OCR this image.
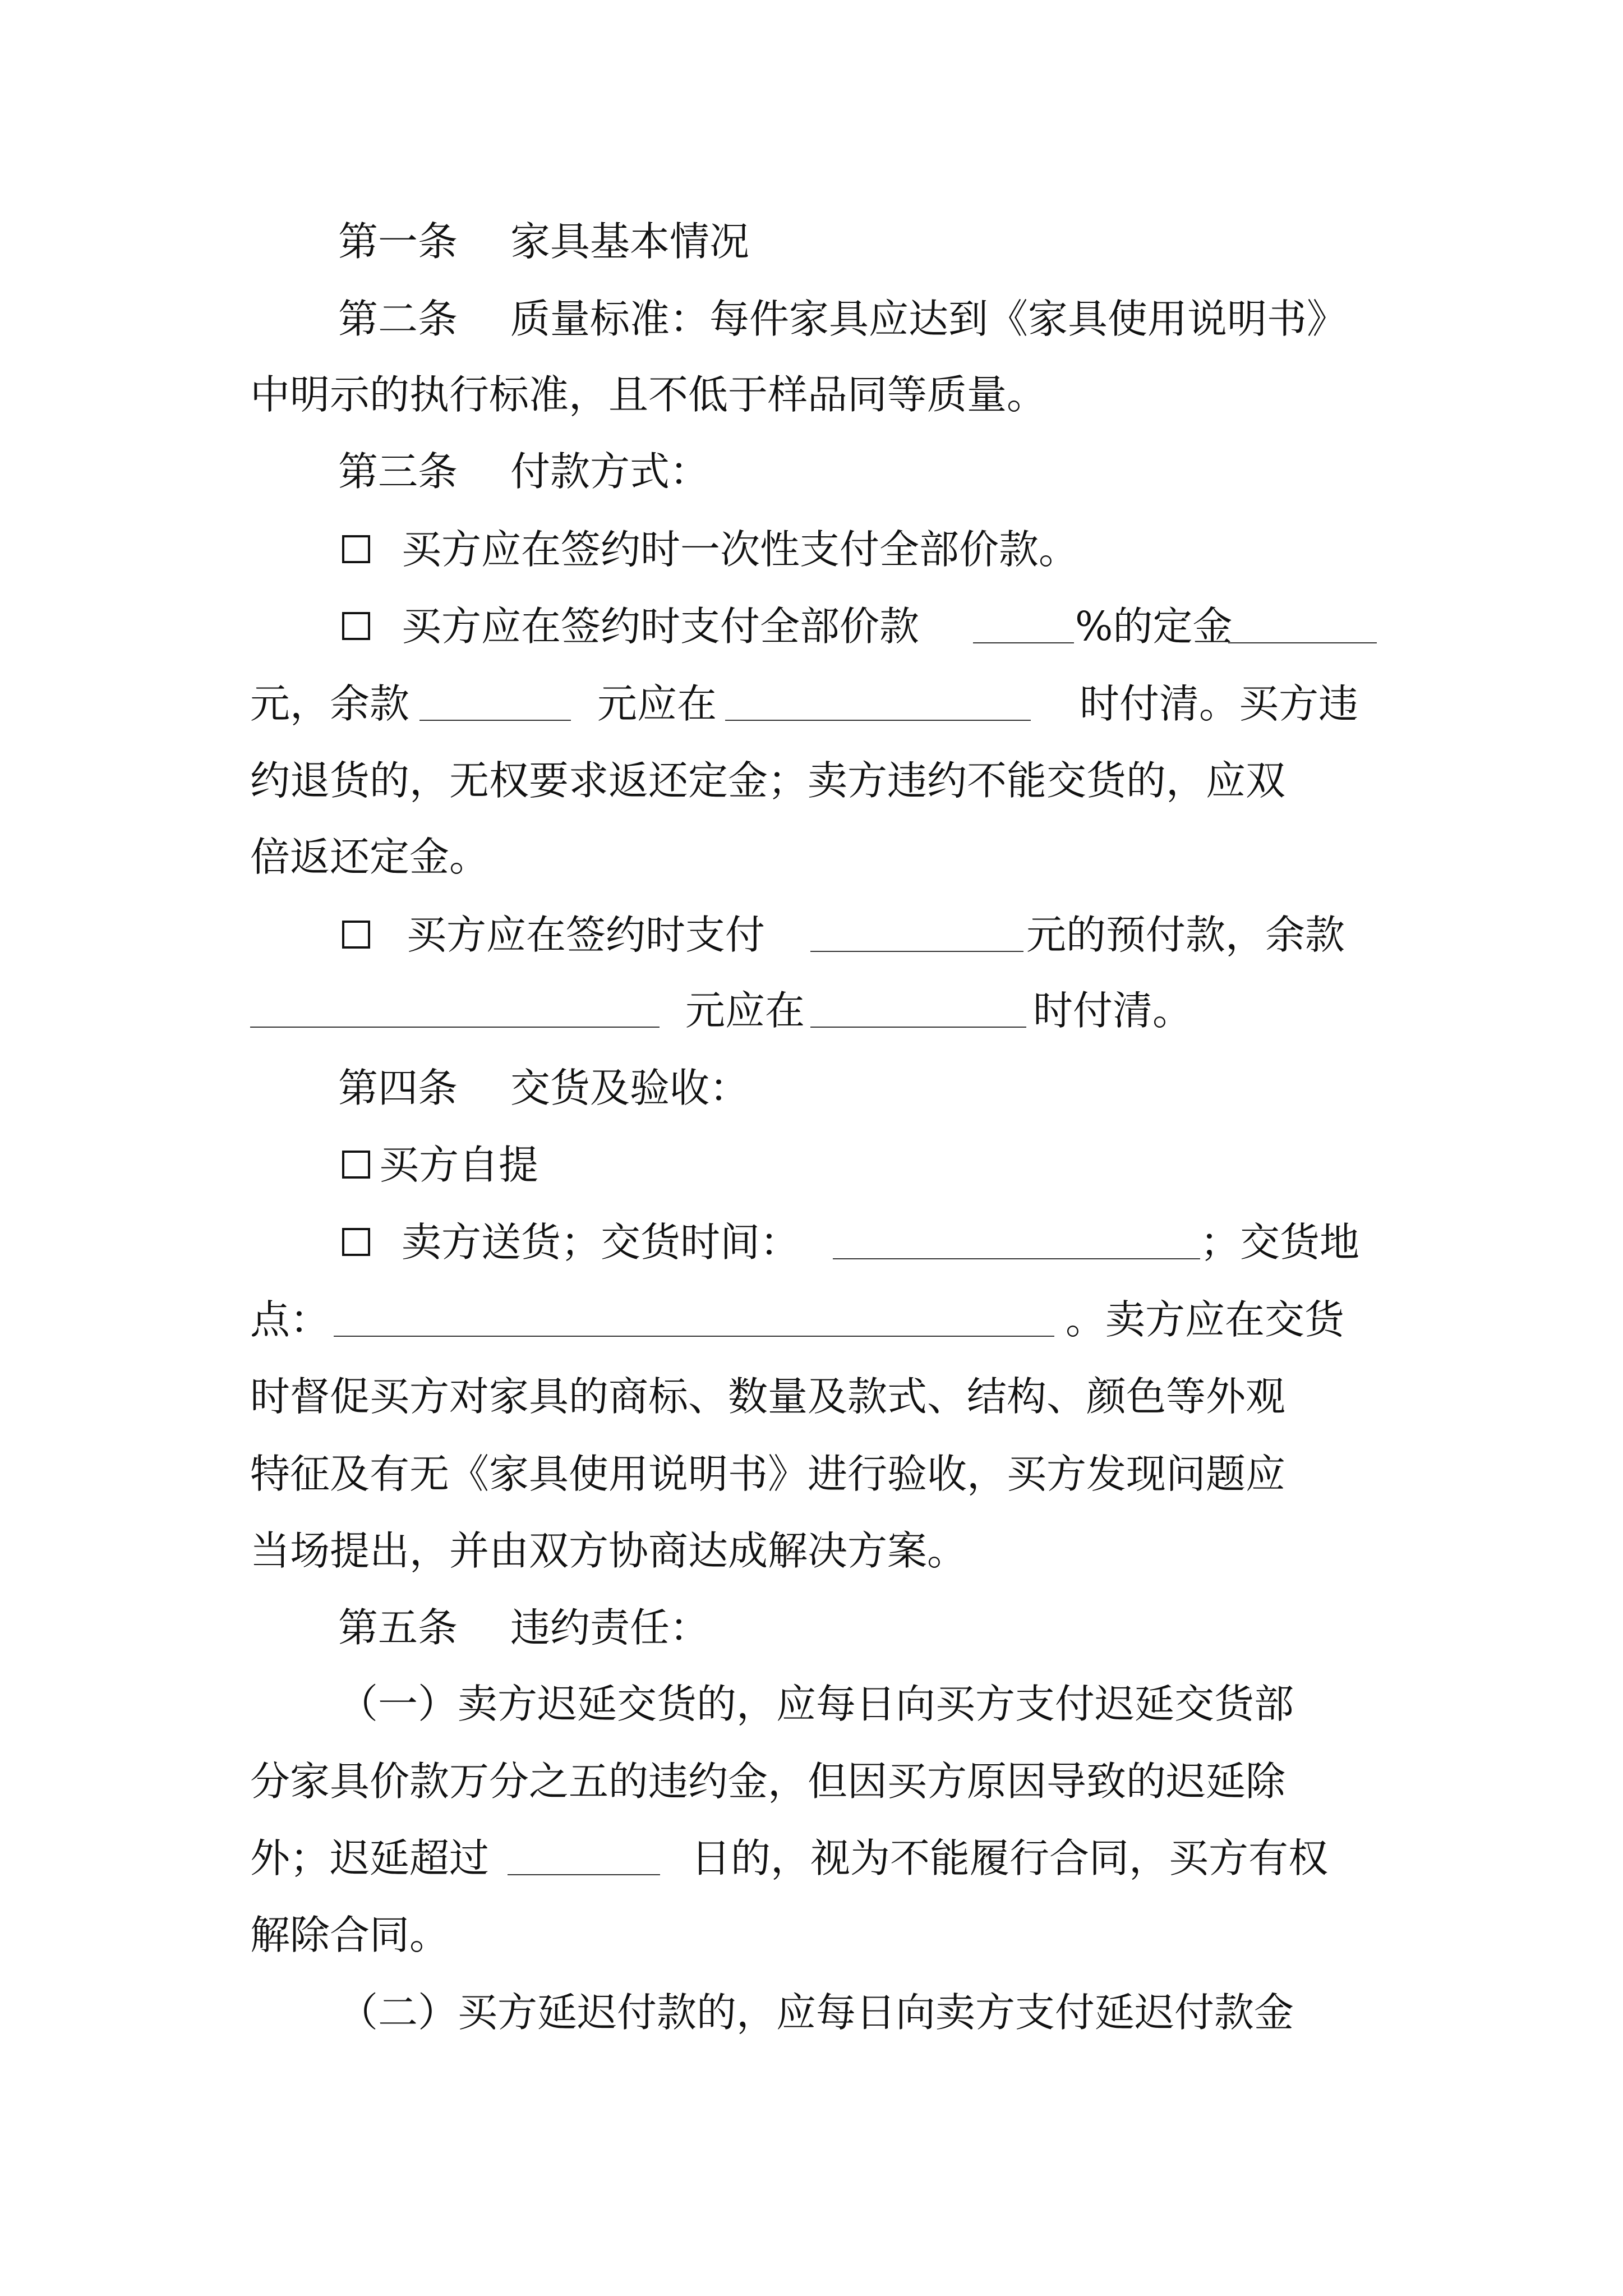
第一条 家具基本情况
第二条 质量标准：每件家具应达到《家具使用说明书》
中明示的执行标准，且不低于样品同等质量。
第三条 付款方式：
买方应在签约时一次性支付全部价款。
买方应在签约时支付全部价款	%的定金
元，余款	元应在	时付清。买方违
约退货的，无权要求返还定金；卖方违约不能交货的，应双
倍返还定金。
买方应在签约时支付	元的预付款，余款
元应在	时付清。
第四条 交货及验收：
买方自提
卖方送货；交货时间：	；交货地
点：	。卖方应在交货
时督促买方对家具的商标、数量及款式、结构、颜色等外观
特征及有无《家具使用说明书》进行验收，买方发现问题应
当场提出，并由双方协商达成解决方案。
第五条 违约责任：
（一）卖方迟延交货的，应每日向买方支付迟延交货部
分家具价款万分之五的违约金，但因买方原因导致的迟延除
外；迟延超过	日的，视为不能履行合同，买方有权
解除合同。
（二）买方延迟付款的，应每日向卖方支付延迟付款金
